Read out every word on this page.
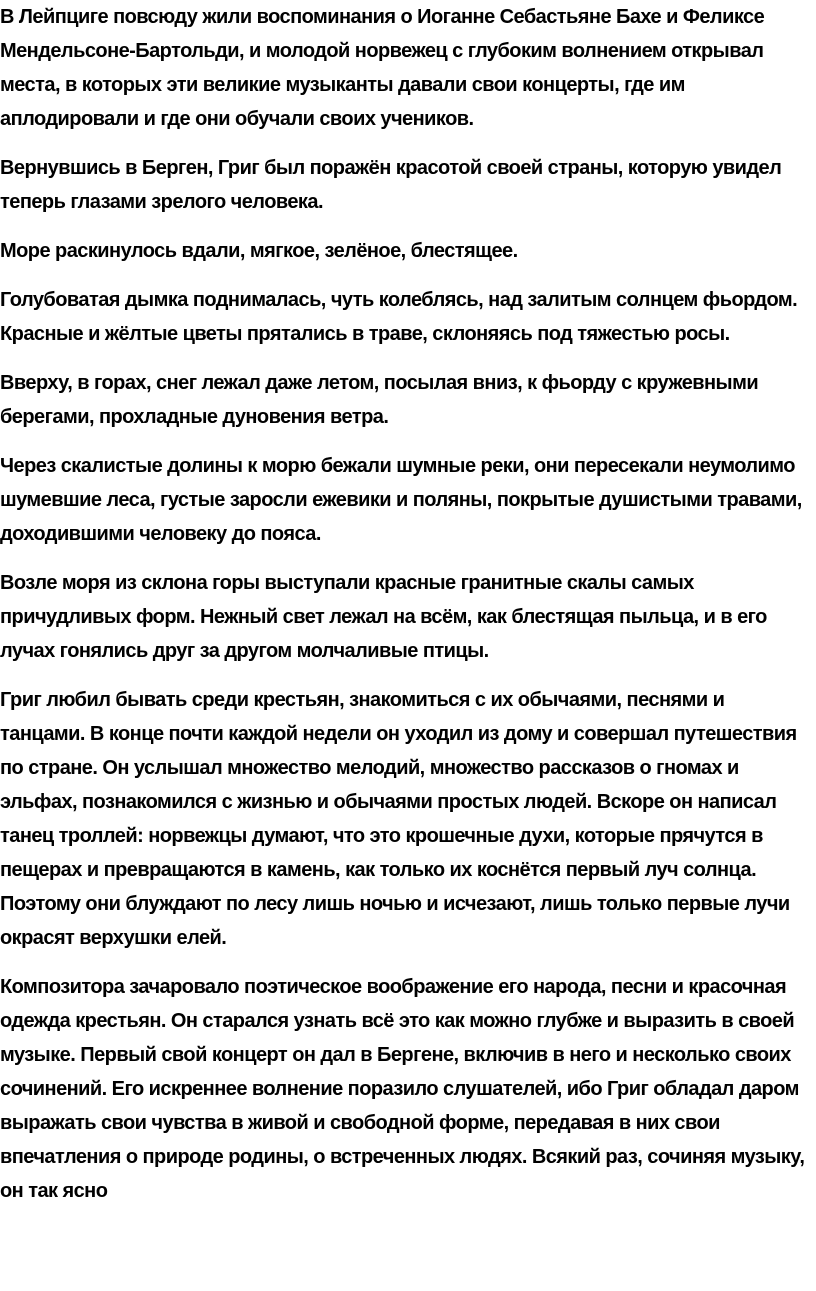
В Лейпциге повсюду жили воспоминания о Иоганне Себастьяне Бахе и Феликсе Мендельсоне-Бартольди, и молодой норвежец с глубоким волнением открывал места, в которых эти великие музыканты давали свои концерты, где им аплодировали и где они обучали своих учеников.

Вернувшись в Берген, Григ был поражён красотой своей страны, которую увидел теперь глазами зрелого человека.

Море раскинулось вдали, мягкое, зелёное, блестящее.

Голубоватая дымка поднималась, чуть колеблясь, над залитым солнцем фьордом. Красные и жёлтые цветы прятались в траве, склоняясь под тяжестью росы.

Вверху, в горах, снег лежал даже летом, посылая вниз, к фьорду с кружевными берегами, прохладные дуновения ветра.

Через скалистые долины к морю бежали шумные реки, они пересекали неумолимо шумевшие леса, густые заросли ежевики и поляны, покрытые душистыми травами, доходившими человеку до пояса.

Возле моря из склона горы выступали красные гранитные скалы самых причудливых форм. Нежный свет лежал на всём, как блестящая пыльца, и в его лучах гонялись друг за другом молчаливые птицы.

Григ любил бывать среди крестьян, знакомиться с их обычаями, песнями и танцами. В конце почти каждой недели он уходил из дому и совершал путешествия по стране. Он услышал множество мелодий, множество рассказов о гномах и эльфах, познакомился с жизнью и обычаями простых людей. Вскоре он написал танец троллей: норвежцы думают, что это крошечные духи, которые прячутся в пещерах и превращаются в камень, как только их коснётся первый луч солнца. Поэтому они блуждают по лесу лишь ночью и исчезают, лишь только первые лучи окрасят верхушки елей.

Композитора зачаровало поэтическое воображение его народа, песни и красочная одежда крестьян. Он старался узнать всё это как можно глубже и выразить в своей музыке. Первый свой концерт он дал в Бергене, включив в него и несколько своих сочинений. Его искреннее волнение поразило слушателей, ибо Григ обладал даром выражать свои чувства в живой и свободной форме, передавая в них свои впечатления о природе родины, о встреченных людях. Всякий раз, сочиняя музыку, он так ясно
